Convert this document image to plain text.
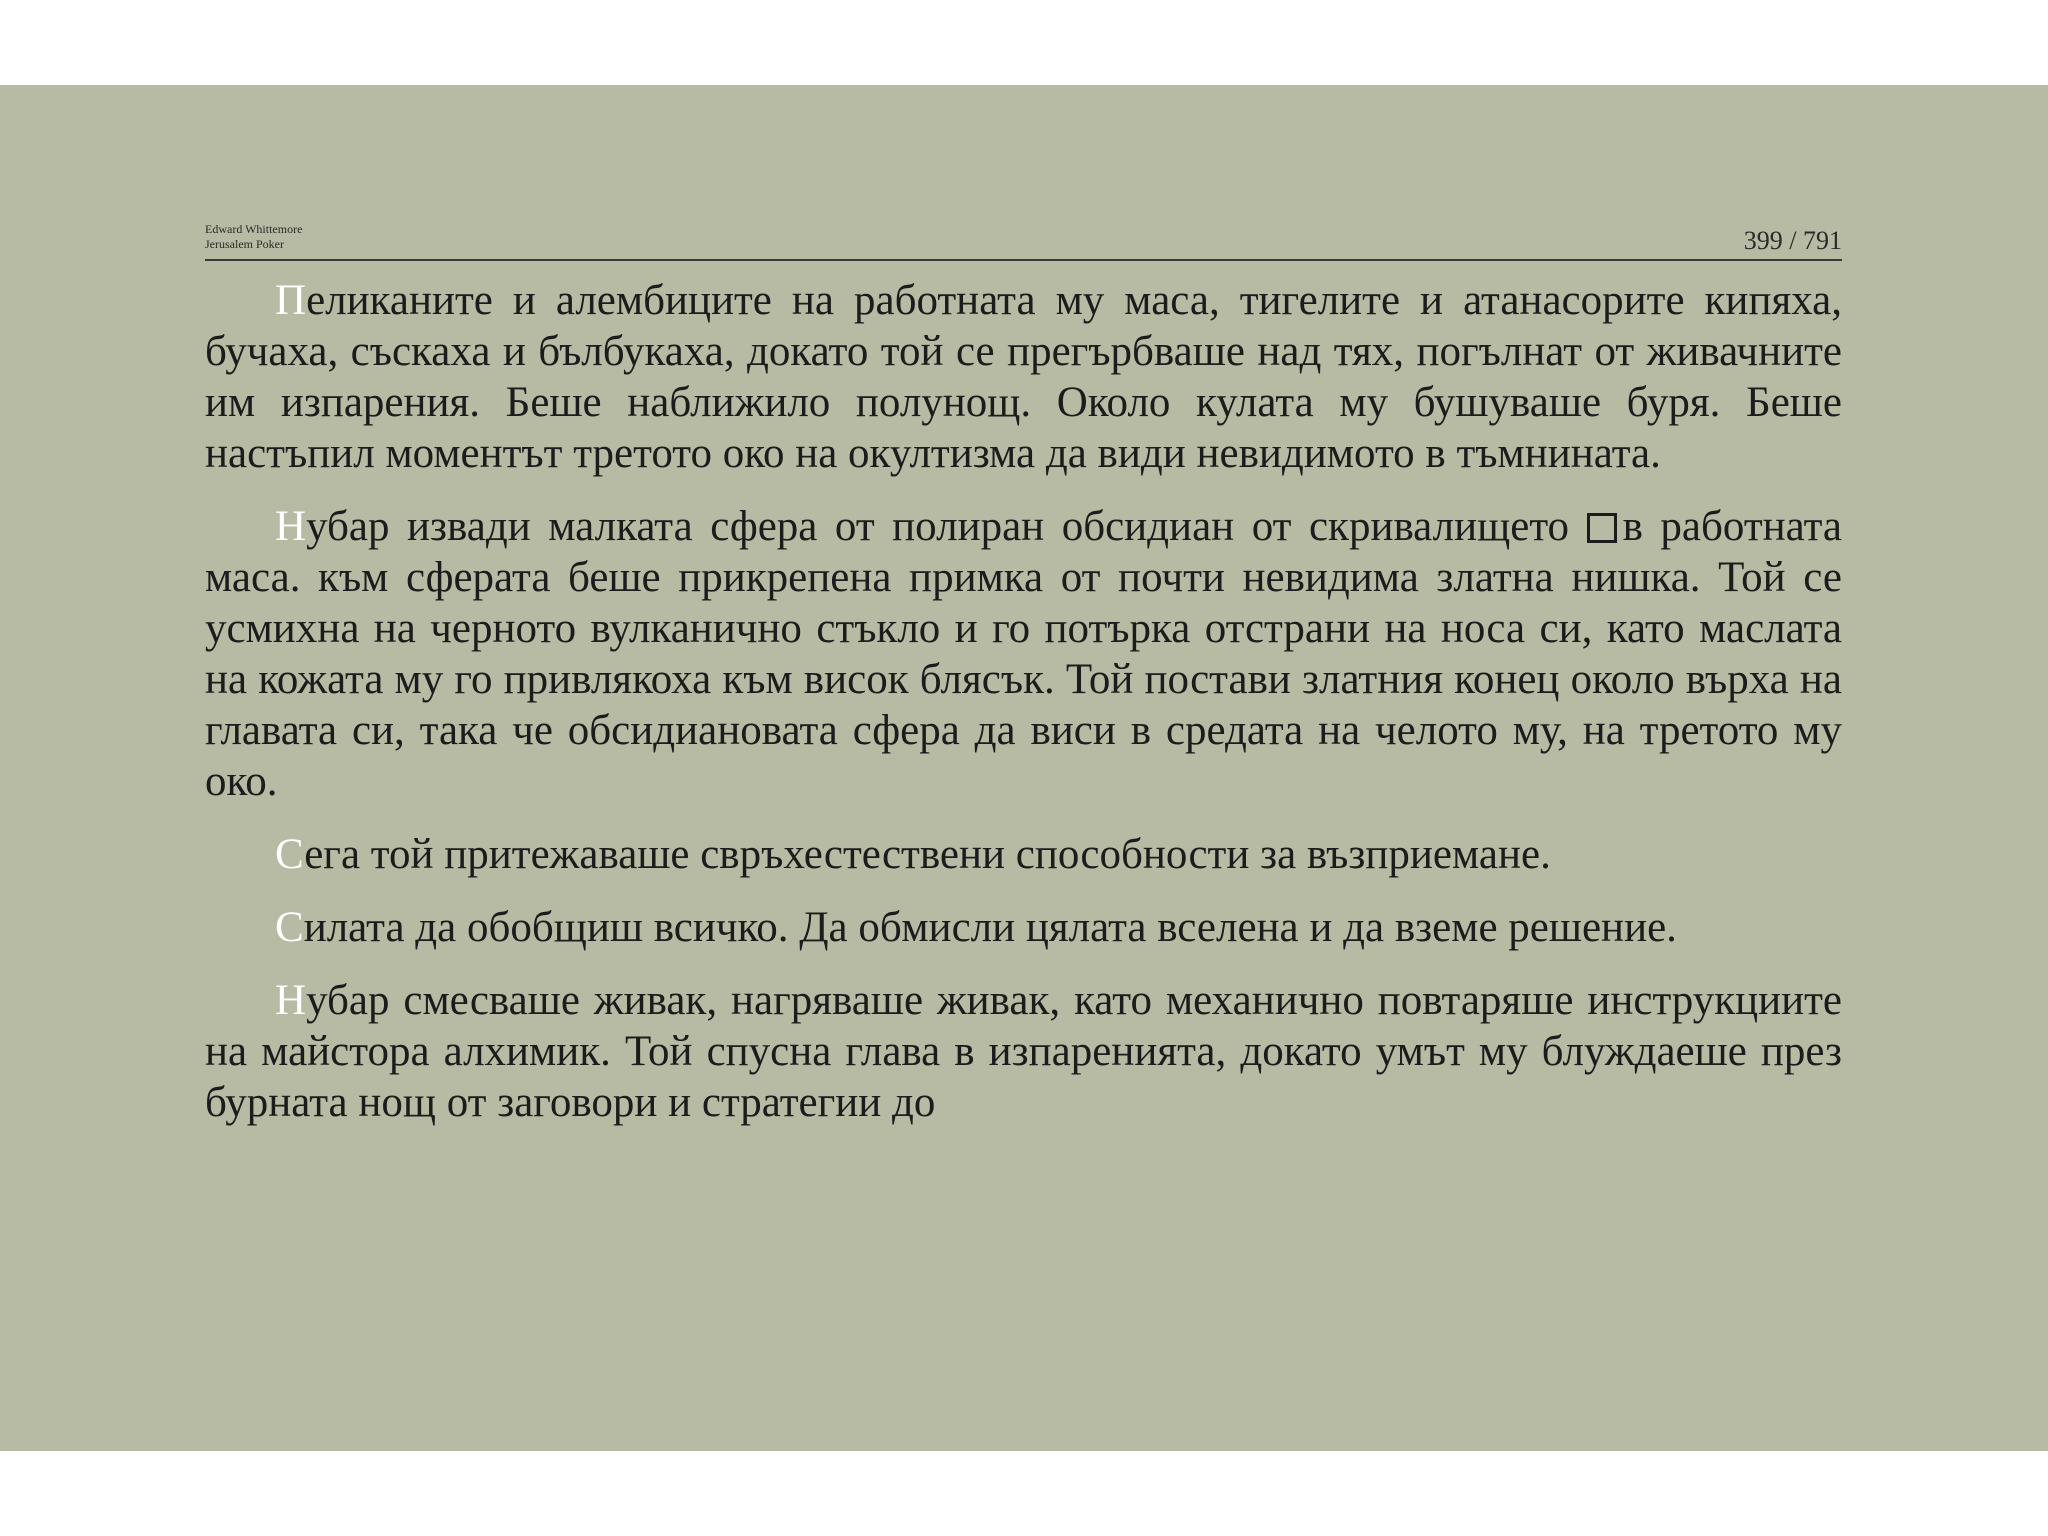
Edward Whittemore
Jerusalem Poker	399 / 791

Пеликаните и алембиците на работната му маса, тигелите и атанасорите кипяха, бучаха, съскаха и бълбукаха, докато той се прегърбваше над тях, погълнат от живачните им изпарения. Беше наближило полунощ. Около кулата му бушуваше буря. Беше настъпил моментът третото око на окултизма да види невидимото в тъмнината.

Нубар извади малката сфера от полиран обсидиан от скривалището в работната маса. към сферата беше прикрепена примка от почти невидима златна нишка. Той се усмихна на черното вулканично стъкло и го потърка отстрани на носа си, като маслата на кожата му го привлякоха към висок блясък. Той постави златния конец около върха на главата си, така че обсидиановата сфера да виси в средата на челото му, на третото му око.

Сега той притежаваше свръхестествени способности за възприемане.

Силата да обобщиш всичко. Да обмисли цялата вселена и да вземе решение.

Нубар смесваше живак, нагряваше живак, като механично повтаряше инструкциите на майстора алхимик. Той спусна глава в изпаренията, докато умът му блуждаеше през бурната нощ от заговори и стратегии до
